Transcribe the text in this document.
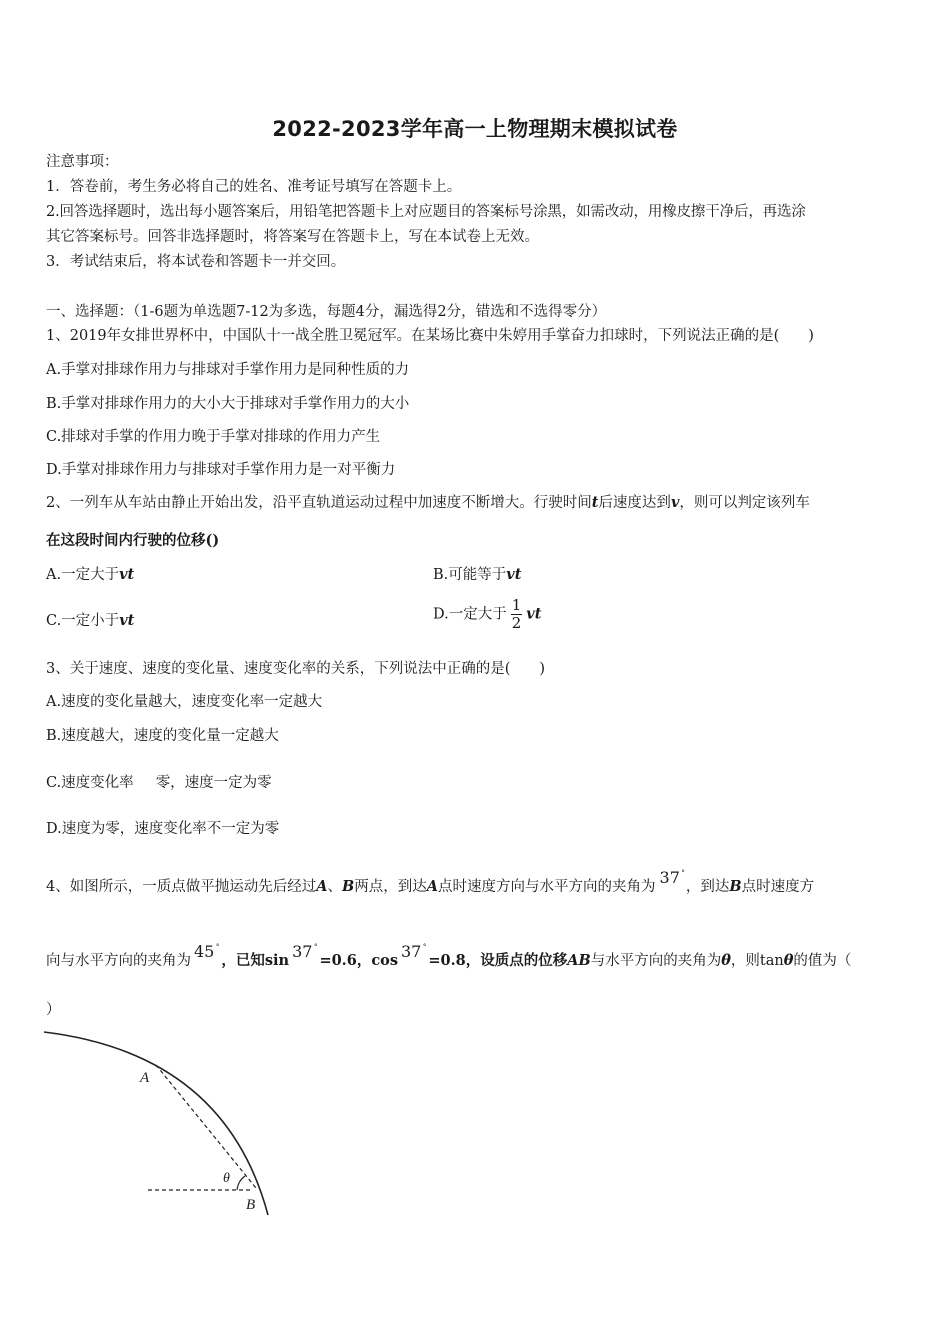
2022-2023学年高一上物理期末模拟试卷
注意事项：
1．答卷前，考生务必将自己的姓名、准考证号填写在答题卡上。
2.回答选择题时，选出每小题答案后，用铅笔把答题卡上对应题目的答案标号涂黑，如需改动，用橡皮擦干净后，再选涂
其它答案标号。回答非选择题时，将答案写在答题卡上，写在本试卷上无效。
3．考试结束后，将本试卷和答题卡一并交回。
一、选择题：（1-6题为单选题7-12为多选，每题4分，漏选得2分，错选和不选得零分）
1、2019年女排世界杯中，中国队十一战全胜卫冕冠军。在某场比赛中朱婷用手掌奋力扣球时，下列说法正确的是(　　)
A.手掌对排球作用力与排球对手掌作用力是同种性质的力
B.手掌对排球作用力的大小大于排球对手掌作用力的大小
C.排球对手掌的作用力晚于手掌对排球的作用力产生
D.手掌对排球作用力与排球对手掌作用力是一对平衡力
2、一列车从车站由静止开始出发，沿平直轨道运动过程中加速度不断增大。行驶时间t后速度达到v，则可以判定该列车
在这段时间内行驶的位移()
A.一定大于vt	B.可能等于vt
C.一定小于vt	D.一定大于 $\frac{1}{2}$ vt
3、关于速度、速度的变化量、速度变化率的关系，下列说法中正确的是(　　)
A.速度的变化量越大，速度变化率一定越大
B.速度越大，速度的变化量一定越大
C.速度变化率 零，速度一定为零
D.速度为零，速度变化率不一定为零
4、如图所示，一质点做平抛运动先后经过A、B两点，到达A点时速度方向与水平方向的夹角为 37 °
，到达B点时速度方
向与水平方向的夹角为 45 °
，已知sin 37 °
=0.6，cos 37 °
=0.8，设质点的位移AB与水平方向的夹角为θ，则tanθ的值为（
）
A
θ
B
